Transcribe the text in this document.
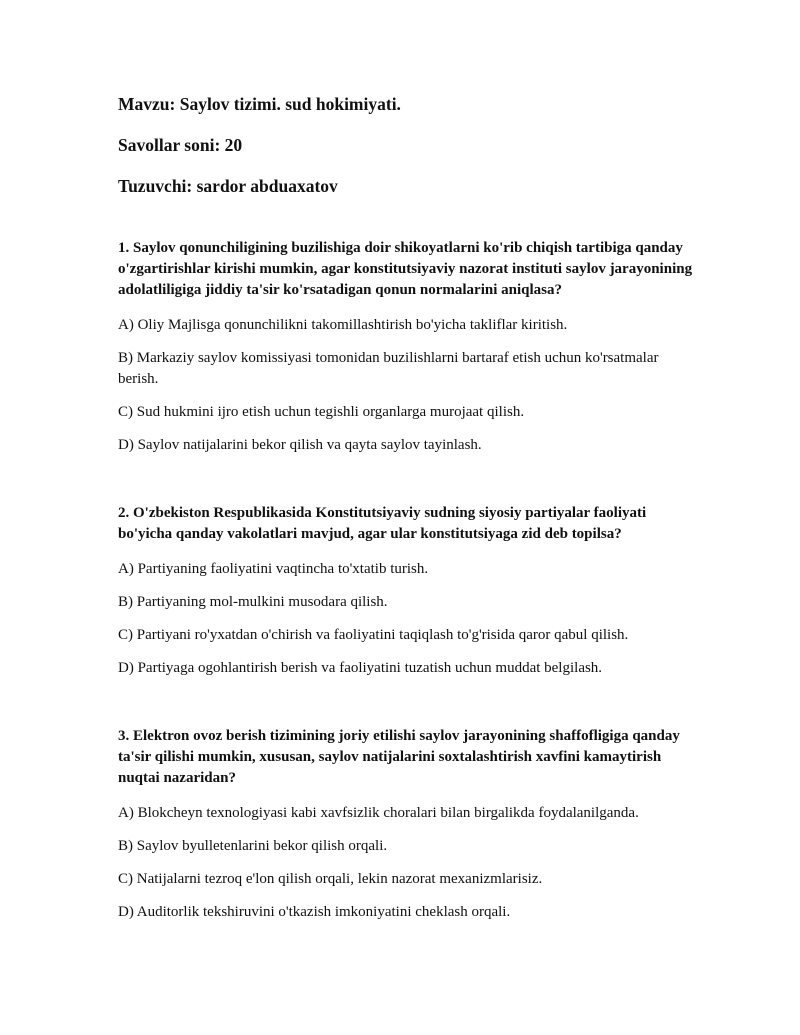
Mavzu: Saylov tizimi. sud hokimiyati.

Savollar soni: 20

Tuzuvchi: sardor abduaxatov

1. Saylov qonunchiligining buzilishiga doir shikoyatlarni ko'rib chiqish tartibiga qanday o'zgartirishlar kirishi mumkin, agar konstitutsiyaviy nazorat instituti saylov jarayonining adolatliligiga jiddiy ta'sir ko'rsatadigan qonun normalarini aniqlasa?

A) Oliy Majlisga qonunchilikni takomillashtirish bo'yicha takliflar kiritish.

B) Markaziy saylov komissiyasi tomonidan buzilishlarni bartaraf etish uchun ko'rsatmalar berish.

C) Sud hukmini ijro etish uchun tegishli organlarga murojaat qilish.

D) Saylov natijalarini bekor qilish va qayta saylov tayinlash.

2. O'zbekiston Respublikasida Konstitutsiyaviy sudning siyosiy partiyalar faoliyati bo'yicha qanday vakolatlari mavjud, agar ular konstitutsiyaga zid deb topilsa?

A) Partiyaning faoliyatini vaqtincha to'xtatib turish.

B) Partiyaning mol-mulkini musodara qilish.

C) Partiyani ro'yxatdan o'chirish va faoliyatini taqiqlash to'g'risida qaror qabul qilish.

D) Partiyaga ogohlantirish berish va faoliyatini tuzatish uchun muddat belgilash.

3. Elektron ovoz berish tizimining joriy etilishi saylov jarayonining shaffofligiga qanday ta'sir qilishi mumkin, xususan, saylov natijalarini soxtalashtirish xavfini kamaytirish nuqtai nazaridan?

A) Blokcheyn texnologiyasi kabi xavfsizlik choralari bilan birgalikda foydalanilganda.

B) Saylov byulletenlarini bekor qilish orqali.

C) Natijalarni tezroq e'lon qilish orqali, lekin nazorat mexanizmlarisiz.

D) Auditorlik tekshiruvini o'tkazish imkoniyatini cheklash orqali.
